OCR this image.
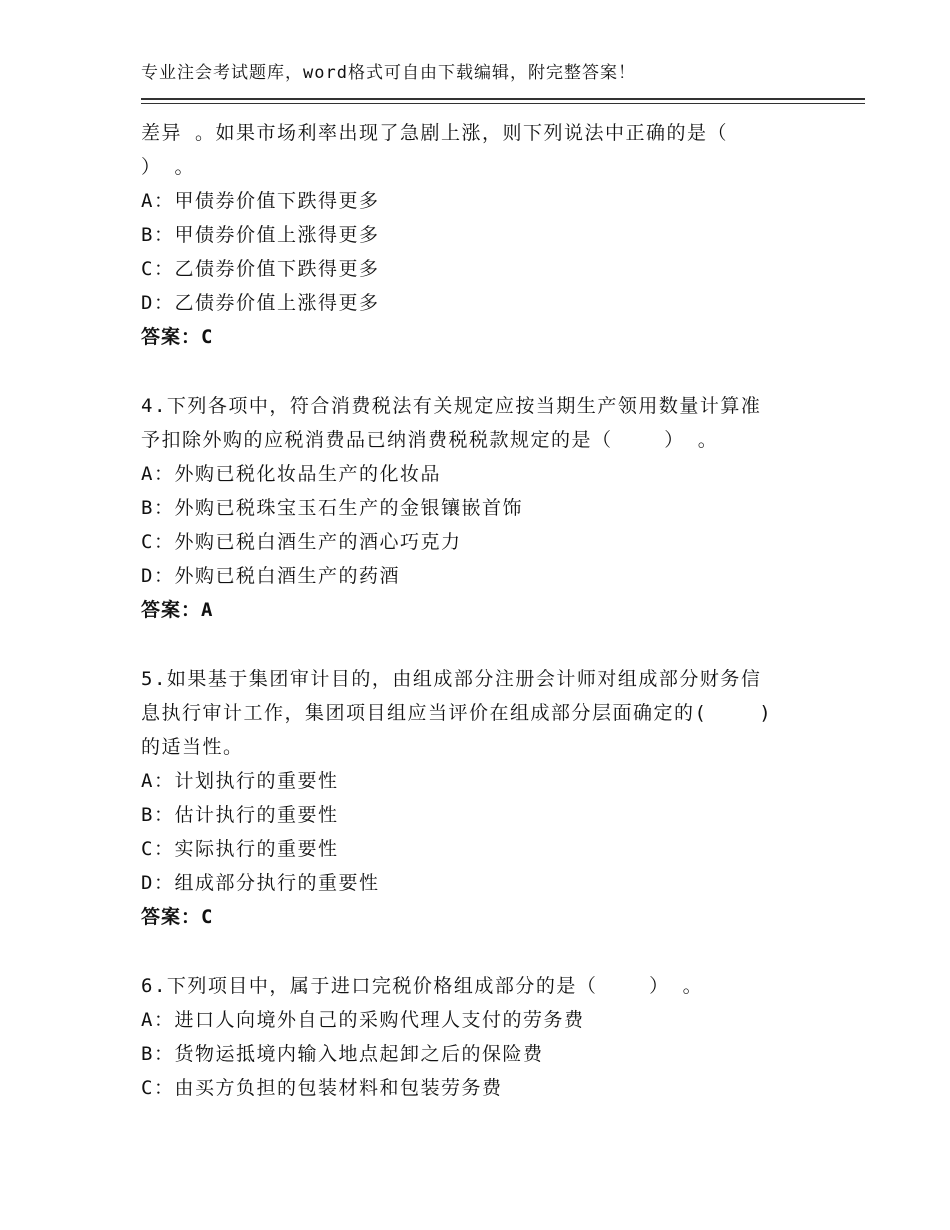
专业注会考试题库，word格式可自由下载编辑，附完整答案！
差异 。如果市场利率出现了急剧上涨，则下列说法中正确的是（
） 。
A：甲债券价值下跌得更多
B：甲债券价值上涨得更多
C：乙债券价值下跌得更多
D：乙债券价值上涨得更多
答案：C
4.下列各项中，符合消费税法有关规定应按当期生产领用数量计算准
予扣除外购的应税消费品已纳消费税税款规定的是（    ） 。
A：外购已税化妆品生产的化妆品
B：外购已税珠宝玉石生产的金银镶嵌首饰
C：外购已税白酒生产的酒心巧克力
D：外购已税白酒生产的药酒
答案：A
5.如果基于集团审计目的，由组成部分注册会计师对组成部分财务信
息执行审计工作，集团项目组应当评价在组成部分层面确定的(    )
的适当性。
A：计划执行的重要性
B：估计执行的重要性
C：实际执行的重要性
D：组成部分执行的重要性
答案：C
6.下列项目中，属于进口完税价格组成部分的是（    ） 。
A：进口人向境外自己的采购代理人支付的劳务费
B：货物运抵境内输入地点起卸之后的保险费
C：由买方负担的包装材料和包装劳务费
